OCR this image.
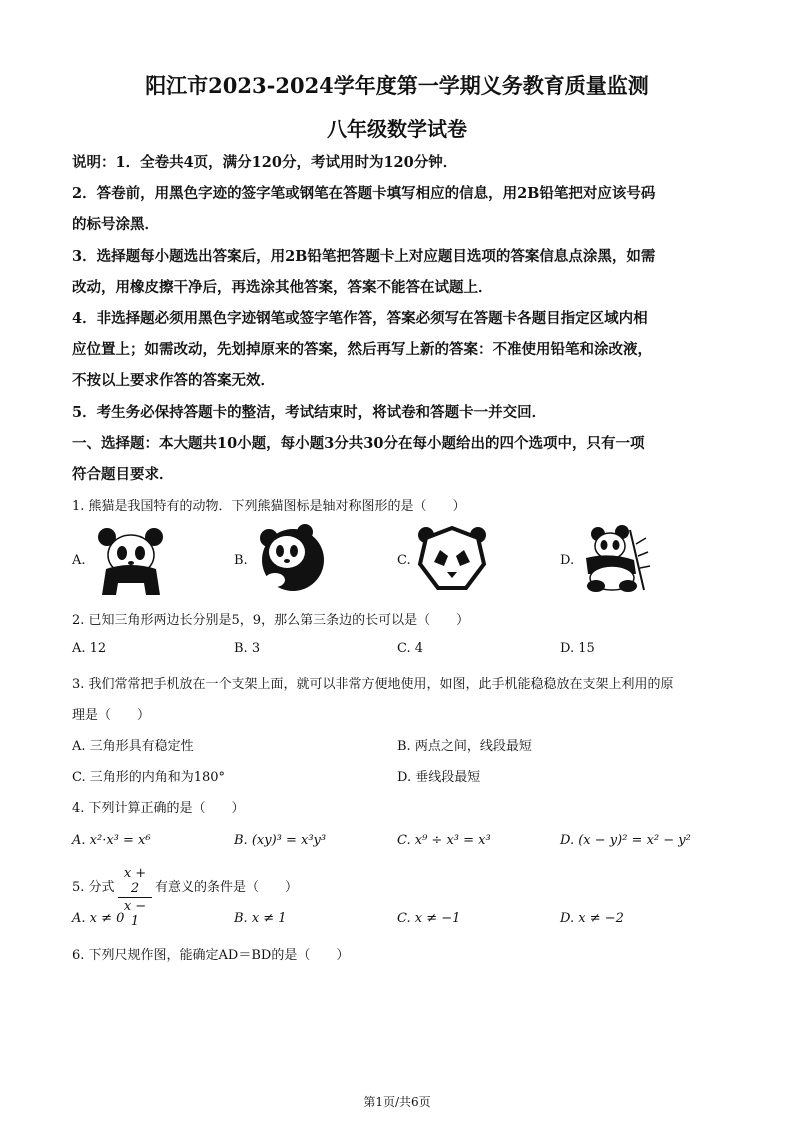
阳江市2023-2024学年度第一学期义务教育质量监测
八年级数学试卷
说明：1．全卷共4页，满分120分，考试用时为120分钟．
2．答卷前，用黑色字迹的签字笔或钢笔在答题卡填写相应的信息，用2B铅笔把对应该号码
的标号涂黑．
3．选择题每小题选出答案后，用2B铅笔把答题卡上对应题目选项的答案信息点涂黑，如需
改动，用橡皮擦干净后，再选涂其他答案，答案不能答在试题上．
4．非选择题必须用黑色字迹钢笔或签字笔作答，答案必须写在答题卡各题目指定区域内相
应位置上；如需改动，先划掉原来的答案，然后再写上新的答案：不准使用铅笔和涂改液，
不按以上要求作答的答案无效．
5．考生务必保持答题卡的整洁，考试结束时，将试卷和答题卡一并交回．
一、选择题：本大题共10小题，每小题3分共30分在每小题给出的四个选项中，只有一项
符合题目要求．
1. 熊猫是我国特有的动物．下列熊猫图标是轴对称图形的是（　　）
A.	B.	C.	D.
2. 已知三角形两边长分别是5，9，那么第三条边的长可以是（　　）
A. 12	B. 3	C. 4	D. 15
3. 我们常常把手机放在一个支架上面，就可以非常方便地使用，如图，此手机能稳稳放在支架上利用的原
理是（　　）
A. 三角形具有稳定性	B. 两点之间，线段最短
C. 三角形的内角和为180°	D. 垂线段最短
4. 下列计算正确的是（　　）
A. x²·x³ = x⁶	B. (xy)³ = x³y³	C. x⁹ ÷ x³ = x³	D. (x − y)² = x² − y²
5. 分式 $\frac{x + 2}{x - 1}$ 有意义的条件是（　　）
A. x ≠ 0	B. x ≠ 1	C. x ≠ −1	D. x ≠ −2
6. 下列尺规作图，能确定AD＝BD的是（　　）
第1页/共6页
